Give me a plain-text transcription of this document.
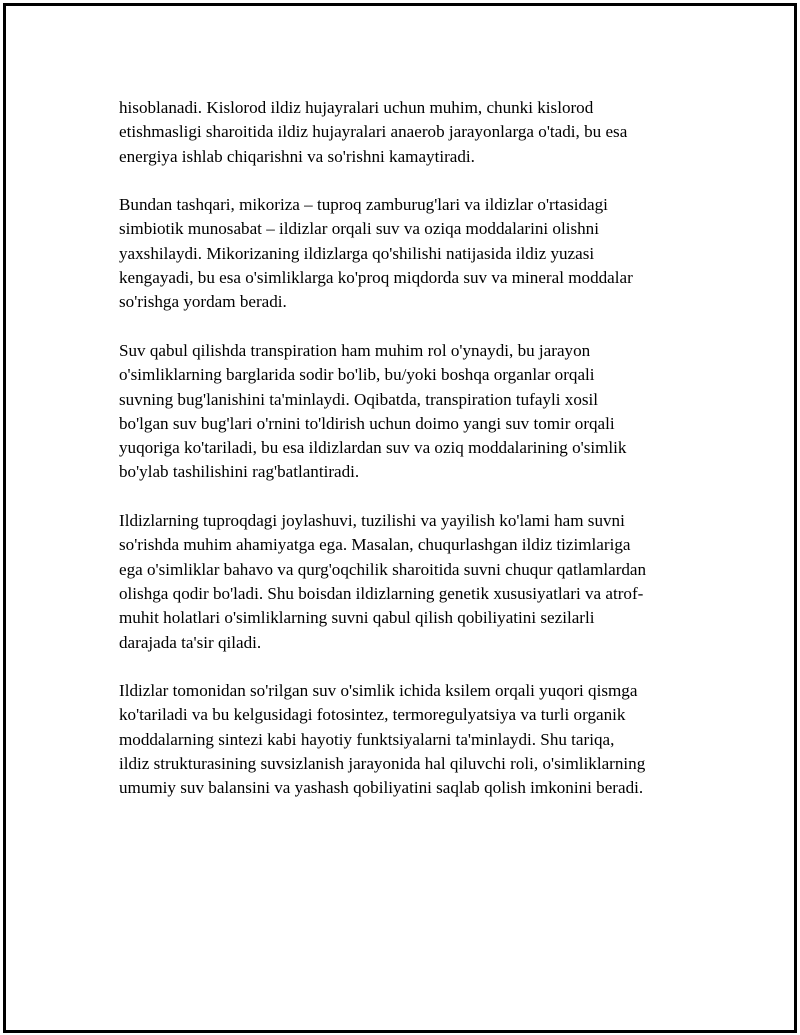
hisoblanadi. Kislorod ildiz hujayralari uchun muhim, chunki kislorod
etishmasligi sharoitida ildiz hujayralari anaerob jarayonlarga o'tadi, bu esa
energiya ishlab chiqarishni va so'rishni kamaytiradi.

Bundan tashqari, mikoriza – tuproq zamburug'lari va ildizlar o'rtasidagi
simbiotik munosabat – ildizlar orqali suv va oziqa moddalarini olishni
yaxshilaydi. Mikorizaning ildizlarga qo'shilishi natijasida ildiz yuzasi
kengayadi, bu esa o'simliklarga ko'proq miqdorda suv va mineral moddalar
so'rishga yordam beradi.

Suv qabul qilishda transpiration ham muhim rol o'ynaydi, bu jarayon
o'simliklarning barglarida sodir bo'lib, bu/yoki boshqa organlar orqali
suvning bug'lanishini ta'minlaydi. Oqibatda, transpiration tufayli xosil
bo'lgan suv bug'lari o'rnini to'ldirish uchun doimo yangi suv tomir orqali
yuqoriga ko'tariladi, bu esa ildizlardan suv va oziq moddalarining o'simlik
bo'ylab tashilishini rag'batlantiradi.

Ildizlarning tuproqdagi joylashuvi, tuzilishi va yayilish ko'lami ham suvni
so'rishda muhim ahamiyatga ega. Masalan, chuqurlashgan ildiz tizimlariga
ega o'simliklar bahavo va qurg'oqchilik sharoitida suvni chuqur qatlamlardan
olishga qodir bo'ladi. Shu boisdan ildizlarning genetik xususiyatlari va atrof-
muhit holatlari o'simliklarning suvni qabul qilish qobiliyatini sezilarli
darajada ta'sir qiladi.

Ildizlar tomonidan so'rilgan suv o'simlik ichida ksilem orqali yuqori qismga
ko'tariladi va bu kelgusidagi fotosintez, termoregulyatsiya va turli organik
moddalarning sintezi kabi hayotiy funktsiyalarni ta'minlaydi. Shu tariqa,
ildiz strukturasining suvsizlanish jarayonida hal qiluvchi roli, o'simliklarning
umumiy suv balansini va yashash qobiliyatini saqlab qolish imkonini beradi.
